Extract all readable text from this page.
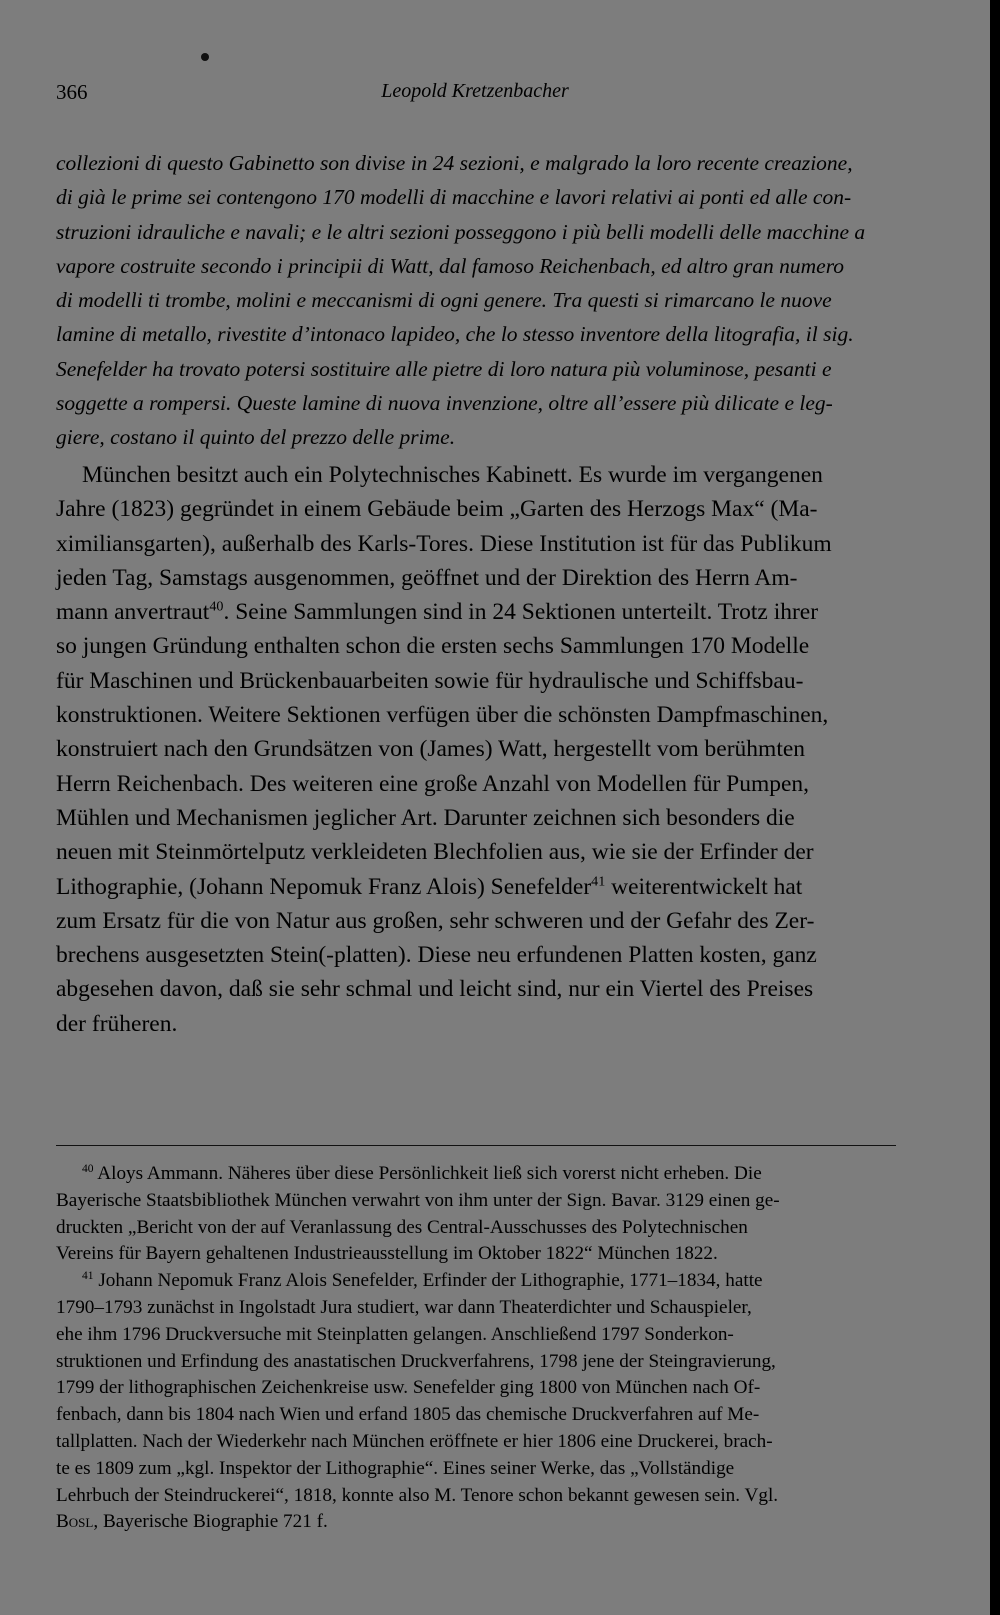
366	Leopold Kretzenbacher
collezioni di questo Gabinetto son divise in 24 sezioni, e malgrado la loro recente creazione,
di già le prime sei contengono 170 modelli di macchine e lavori relativi ai ponti ed alle con-
struzioni idrauliche e navali; e le altri sezioni posseggono i più belli modelli delle macchine a
vapore costruite secondo i principii di Watt, dal famoso Reichenbach, ed altro gran numero
di modelli ti trombe, molini e meccanismi di ogni genere. Tra questi si rimarcano le nuove
lamine di metallo, rivestite d’intonaco lapideo, che lo stesso inventore della litografia, il sig.
Senefelder ha trovato potersi sostituire alle pietre di loro natura più voluminose, pesanti e
soggette a rompersi. Queste lamine di nuova invenzione, oltre all’essere più dilicate e leg-
giere, costano il quinto del prezzo delle prime.
München besitzt auch ein Polytechnisches Kabinett. Es wurde im vergangenen
Jahre (1823) gegründet in einem Gebäude beim „Garten des Herzogs Max“ (Ma-
ximiliansgarten), außerhalb des Karls-Tores. Diese Institution ist für das Publikum
jeden Tag, Samstags ausgenommen, geöffnet und der Direktion des Herrn Am-
mann anvertraut$^{40}$. Seine Sammlungen sind in 24 Sektionen unterteilt. Trotz ihrer
so jungen Gründung enthalten schon die ersten sechs Sammlungen 170 Modelle
für Maschinen und Brückenbauarbeiten sowie für hydraulische und Schiffsbau-
konstruktionen. Weitere Sektionen verfügen über die schönsten Dampfmaschinen,
konstruiert nach den Grundsätzen von (James) Watt, hergestellt vom berühmten
Herrn Reichenbach. Des weiteren eine große Anzahl von Modellen für Pumpen,
Mühlen und Mechanismen jeglicher Art. Darunter zeichnen sich besonders die
neuen mit Steinmörtelputz verkleideten Blechfolien aus, wie sie der Erfinder der
Lithographie, (Johann Nepomuk Franz Alois) Senefelder$^{41}$ weiterentwickelt hat
zum Ersatz für die von Natur aus großen, sehr schweren und der Gefahr des Zer-
brechens ausgesetzten Stein(-platten). Diese neu erfundenen Platten kosten, ganz
abgesehen davon, daß sie sehr schmal und leicht sind, nur ein Viertel des Preises
der früheren.
$^{40}$ Aloys Ammann. Näheres über diese Persönlichkeit ließ sich vorerst nicht erheben. Die
Bayerische Staatsbibliothek München verwahrt von ihm unter der Sign. Bavar. 3129 einen ge-
druckten „Bericht von der auf Veranlassung des Central-Ausschusses des Polytechnischen
Vereins für Bayern gehaltenen Industrieausstellung im Oktober 1822“ München 1822.
$^{41}$ Johann Nepomuk Franz Alois Senefelder, Erfinder der Lithographie, 1771–1834, hatte
1790–1793 zunächst in Ingolstadt Jura studiert, war dann Theaterdichter und Schauspieler,
ehe ihm 1796 Druckversuche mit Steinplatten gelangen. Anschließend 1797 Sonderkon-
struktionen und Erfindung des anastatischen Druckverfahrens, 1798 jene der Steingravierung,
1799 der lithographischen Zeichenkreise usw. Senefelder ging 1800 von München nach Of-
fenbach, dann bis 1804 nach Wien und erfand 1805 das chemische Druckverfahren auf Me-
tallplatten. Nach der Wiederkehr nach München eröffnete er hier 1806 eine Druckerei, brach-
te es 1809 zum „kgl. Inspektor der Lithographie“. Eines seiner Werke, das „Vollständige
Lehrbuch der Steindruckerei“, 1818, konnte also M. Tenore schon bekannt gewesen sein. Vgl.
Bosl, Bayerische Biographie 721 f.
